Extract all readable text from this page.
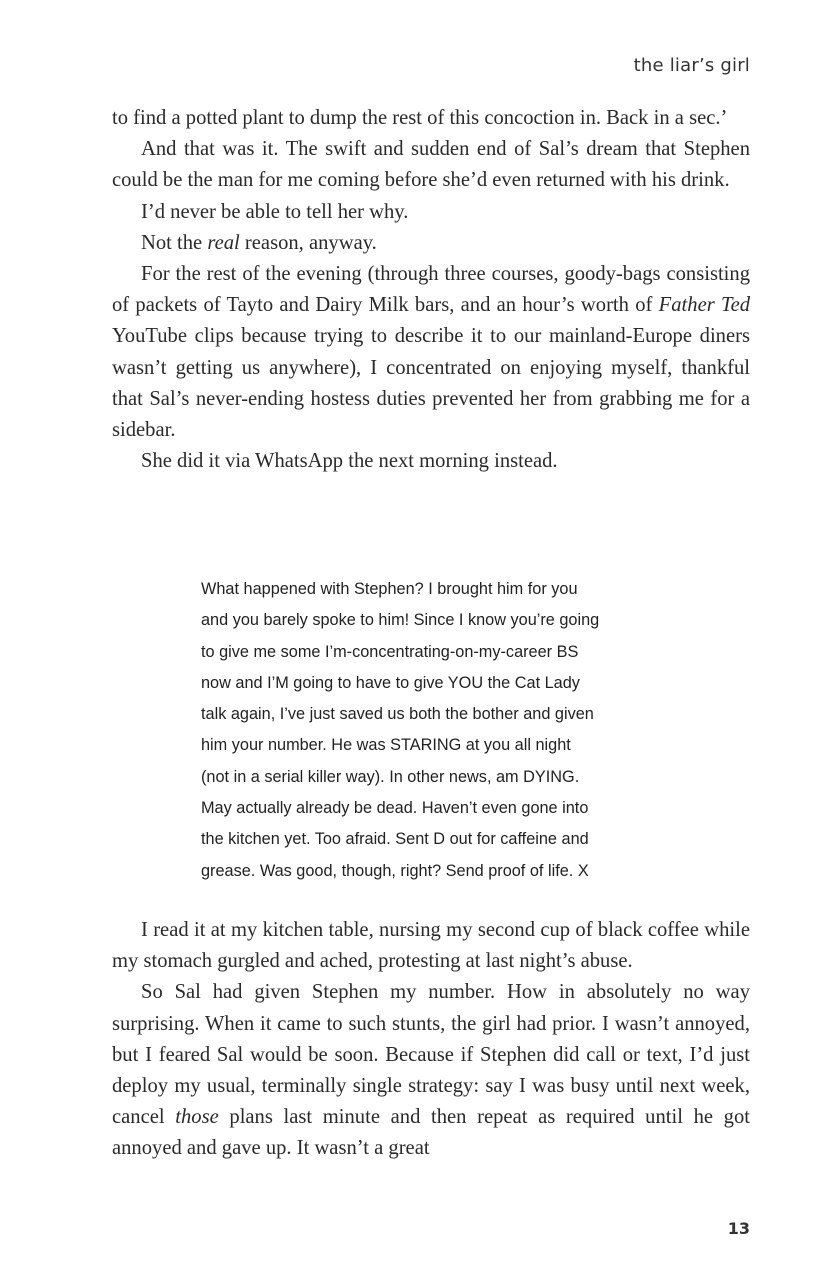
the liar’s girl

to find a potted plant to dump the rest of this concoction in. Back in a sec.’

And that was it. The swift and sudden end of Sal’s dream that Stephen could be the man for me coming before she’d even returned with his drink.

I’d never be able to tell her why.

Not the real reason, anyway.

For the rest of the evening (through three courses, goody-bags consisting of packets of Tayto and Dairy Milk bars, and an hour’s worth of Father Ted YouTube clips because trying to describe it to our mainland-Europe diners wasn’t getting us anywhere), I concentrated on enjoying myself, thankful that Sal’s never-ending hostess duties prevented her from grabbing me for a sidebar.

She did it via WhatsApp the next morning instead.

What happened with Stephen? I brought him for you
and you barely spoke to him! Since I know you’re going
to give me some I’m-concentrating-on-my-career BS
now and I’M going to have to give YOU the Cat Lady
talk again, I’ve just saved us both the bother and given
him your number. He was STARING at you all night
(not in a serial killer way). In other news, am DYING.
May actually already be dead. Haven’t even gone into
the kitchen yet. Too afraid. Sent D out for caffeine and
grease. Was good, though, right? Send proof of life. X

I read it at my kitchen table, nursing my second cup of black coffee while my stomach gurgled and ached, protesting at last night’s abuse.

So Sal had given Stephen my number. How in absolutely no way surprising. When it came to such stunts, the girl had prior. I wasn’t annoyed, but I feared Sal would be soon. Because if Stephen did call or text, I’d just deploy my usual, terminally single strategy: say I was busy until next week, cancel those plans last minute and then repeat as required until he got annoyed and gave up. It wasn’t a great

13
